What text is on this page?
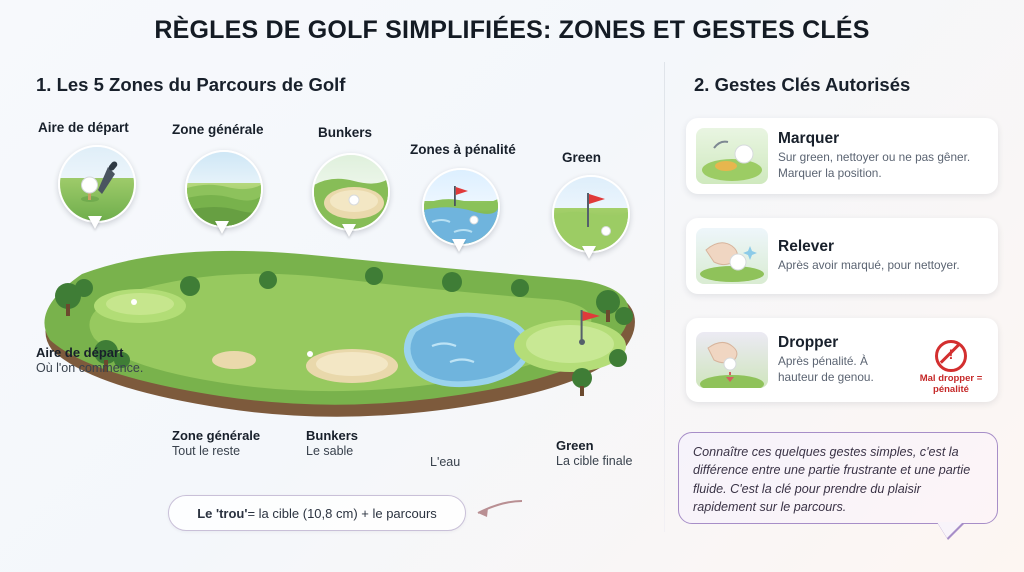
RÈGLES DE GOLF SIMPLIFIÉES: ZONES ET GESTES CLÉS
1. Les 5 Zones du Parcours de Golf
Aire de départ	Zone générale	Bunkers
Zones à pénalité
Green
Aire de départ
Où l'on commence.
Zone générale
Tout le reste
Bunkers
Le sable
L'eau
Green
La cible finale
Le 'trou' = la cible (10,8 cm) + le parcours
2. Gestes Clés Autorisés
Marquer
Sur green, nettoyer ou ne pas gêner. Marquer la position.
Relever
Après avoir marqué, pour nettoyer.
Dropper
Après pénalité. À hauteur de genou.
!	Mal dropper = pénalité
Connaître ces quelques gestes simples, c'est la différence entre une partie frustrante et une partie fluide. C'est la clé pour prendre du plaisir rapidement sur le parcours.
